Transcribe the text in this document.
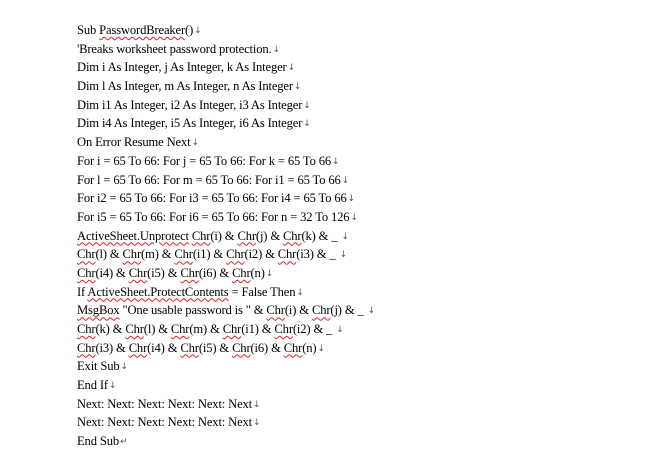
Sub PasswordBreaker()↓
'Breaks worksheet password protection.↓
Dim i As Integer, j As Integer, k As Integer↓
Dim l As Integer, m As Integer, n As Integer↓
Dim i1 As Integer, i2 As Integer, i3 As Integer↓
Dim i4 As Integer, i5 As Integer, i6 As Integer↓
On Error Resume Next↓
For i = 65 To 66: For j = 65 To 66: For k = 65 To 66↓
For l = 65 To 66: For m = 65 To 66: For i1 = 65 To 66↓
For i2 = 65 To 66: For i3 = 65 To 66: For i4 = 65 To 66↓
For i5 = 65 To 66: For i6 = 65 To 66: For n = 32 To 126↓
ActiveSheet.Unprotect Chr(i) & Chr(j) & Chr(k) & _ ↓
Chr(l) & Chr(m) & Chr(i1) & Chr(i2) & Chr(i3) & _ ↓
Chr(i4) & Chr(i5) & Chr(i6) & Chr(n)↓
If ActiveSheet.ProtectContents = False Then↓
MsgBox "One usable password is " & Chr(i) & Chr(j) & _ ↓
Chr(k) & Chr(l) & Chr(m) & Chr(i1) & Chr(i2) & _ ↓
Chr(i3) & Chr(i4) & Chr(i5) & Chr(i6) & Chr(n)↓
Exit Sub↓
End If↓
Next: Next: Next: Next: Next: Next↓
Next: Next: Next: Next: Next: Next↓
End Sub↵
